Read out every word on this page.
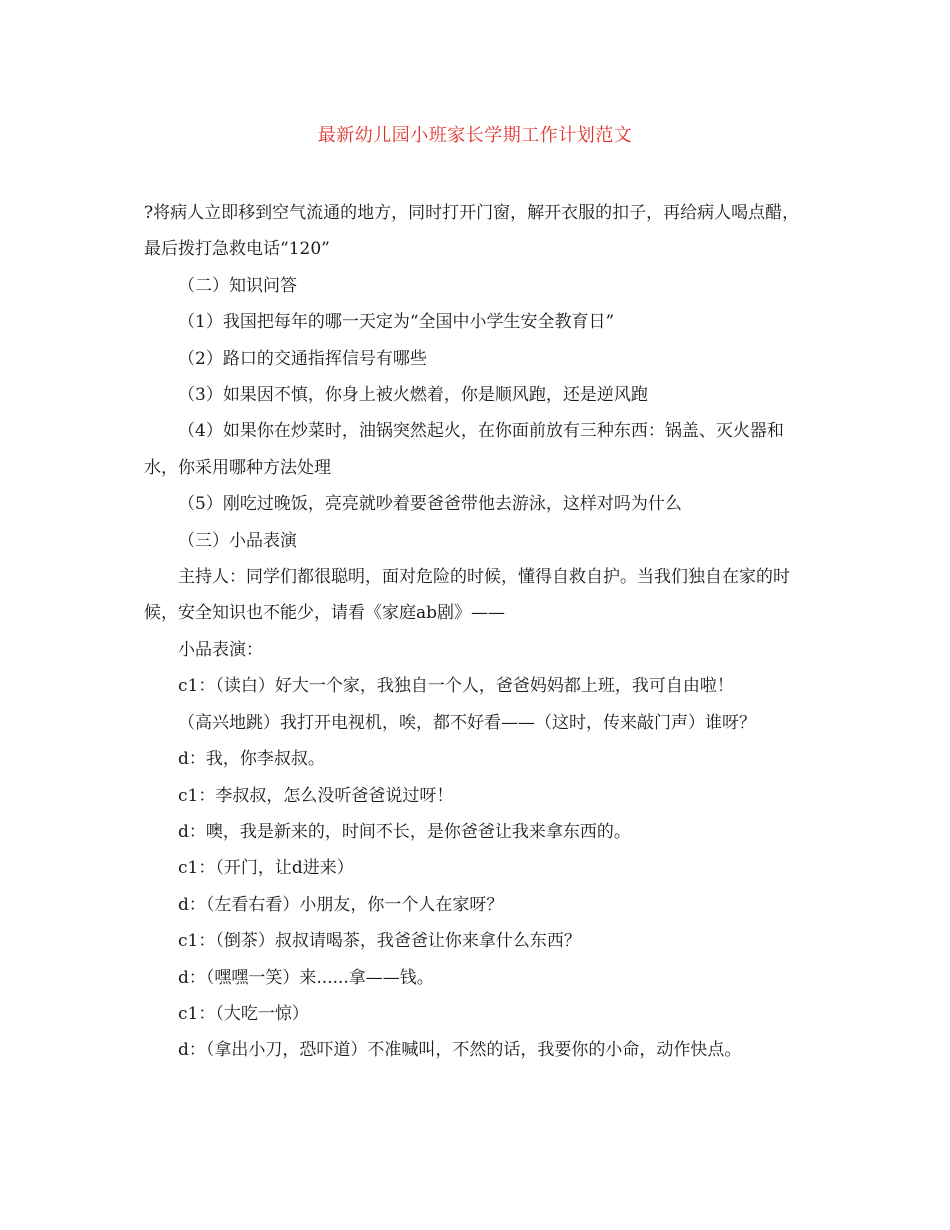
最新幼儿园小班家长学期工作计划范文

?将病人立即移到空气流通的地方，同时打开门窗，解开衣服的扣子，再给病人喝点醋，最后拨打急救电话“120”

（二）知识问答

（1）我国把每年的哪一天定为“全国中小学生安全教育日”

（2）路口的交通指挥信号有哪些

（3）如果因不慎，你身上被火燃着，你是顺风跑，还是逆风跑

（4）如果你在炒菜时，油锅突然起火，在你面前放有三种东西：锅盖、灭火器和水，你采用哪种方法处理

（5）刚吃过晚饭，亮亮就吵着要爸爸带他去游泳，这样对吗为什么

（三）小品表演

主持人：同学们都很聪明，面对危险的时候，懂得自救自护。当我们独自在家的时候，安全知识也不能少，请看《家庭ab剧》——

小品表演：

c1：（读白）好大一个家，我独自一个人，爸爸妈妈都上班，我可自由啦！

（高兴地跳）我打开电视机，唉，都不好看——（这时，传来敲门声）谁呀？

d：我，你李叔叔。

c1：李叔叔，怎么没听爸爸说过呀！

d：噢，我是新来的，时间不长，是你爸爸让我来拿东西的。

c1：（开门，让d进来）

d：（左看右看）小朋友，你一个人在家呀？

c1：（倒茶）叔叔请喝茶，我爸爸让你来拿什么东西？

d：（嘿嘿一笑）来......拿——钱。

c1：（大吃一惊）

d：（拿出小刀，恐吓道）不准喊叫，不然的话，我要你的小命，动作快点。
